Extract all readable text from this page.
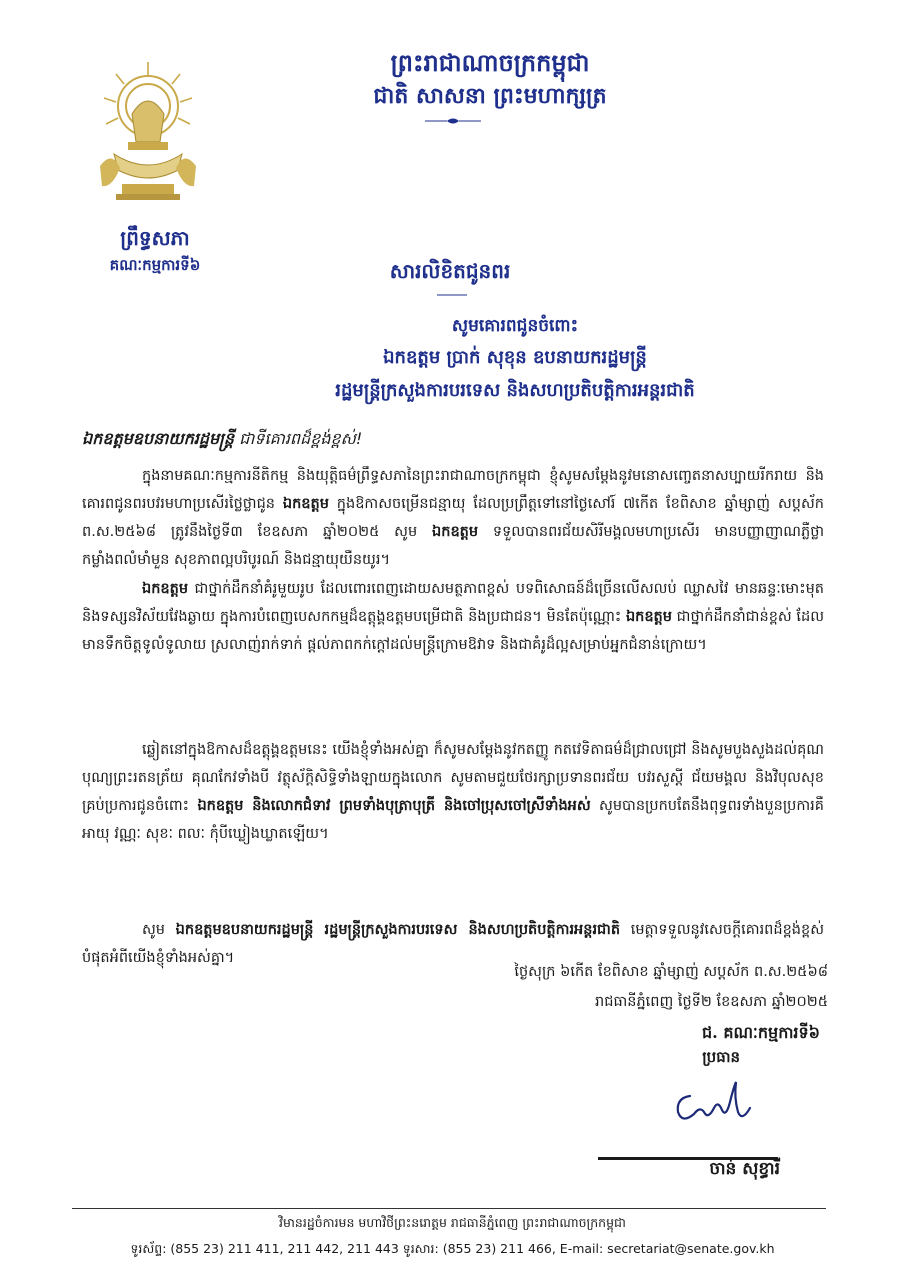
ព្រះរាជាណាចក្រកម្ពុជា
ជាតិ សាសនា ព្រះមហាក្សត្រ
ព្រឹទ្ធសភា
គណៈកម្មការទី៦	សារលិខិតជូនពរ
សូមគោរពជូនចំពោះ
ឯកឧត្តម ប្រាក់ សុខុន ឧបនាយករដ្ឋមន្ត្រី
រដ្ឋមន្ត្រីក្រសួងការបរទេស និងសហប្រតិបត្តិការអន្តរជាតិ
ឯកឧត្តមឧបនាយករដ្ឋមន្ត្រី ជាទីគោរពដ៏ខ្ពង់ខ្ពស់!
ក្នុងនាមគណៈកម្មការនីតិកម្ម និងយុត្តិធម៌ព្រឹទ្ធសភានៃព្រះរាជាណាចក្រកម្ពុជា ខ្ញុំសូមសម្តែងនូវមនោសញ្ចេតនាសប្បាយរីករាយ និងគោរពជូនពរបវរមហាប្រសើរថ្លៃថ្លាជូន ឯកឧត្តម ក្នុងឱកាសចម្រើនជន្មាយុ ដែលប្រព្រឹត្តទៅនៅថ្ងៃសៅរ៍ ៧កើត ខែពិសាខ ឆ្នាំម្សាញ់ សប្តស័ក ព.ស.២៥៦៨ ត្រូវនឹងថ្ងៃទី៣ ខែឧសភា ឆ្នាំ២០២៥ សូម ឯកឧត្តម ទទួលបានពរជ័យសិរីមង្គលមហាប្រសើរ មានបញ្ញាញាណភ្លឺថ្លា កម្លាំងពលំមាំមួន សុខភាពល្អបរិបូរណ៍ និងជន្មាយុយឺនយូរ។
ឯកឧត្តម ជាថ្នាក់ដឹកនាំគំរូមួយរូប ដែលពោរពេញដោយសមត្ថភាពខ្ពស់ បទពិសោធន៍ដ៏ច្រើនលើសលប់ ឈ្លាសវៃ មានឆន្ទៈមោះមុត និងទស្សនវិស័យវែងឆ្ងាយ ក្នុងការបំពេញបេសកកម្មដ៏ឧត្តុង្គឧត្តមបម្រើជាតិ និងប្រជាជន។ មិនតែប៉ុណ្ណោះ ឯកឧត្តម ជាថ្នាក់ដឹកនាំជាន់ខ្ពស់ ដែលមានទឹកចិត្តទូលំទូលាយ ស្រលាញ់រាក់ទាក់ ផ្តល់ភាពកក់ក្តៅដល់មន្ត្រីក្រោមឱវាទ និងជាគំរូដ៏ល្អសម្រាប់អ្នកជំនាន់ក្រោយ។
ឆ្លៀតនៅក្នុងឱកាសដ៏ឧត្តុង្គឧត្តមនេះ យើងខ្ញុំទាំងអស់គ្នា ក៏សូមសម្តែងនូវកតញ្ញូ កតវេទិតាធម៌ដ៏ជ្រាលជ្រៅ និងសូមបួងសួងដល់គុណបុណ្យព្រះរតនត្រ័យ គុណកែវទាំងបី វត្ថុស័ក្តិសិទ្ធិទាំងឡាយក្នុងលោក សូមតាមជួយថែរក្សាប្រទានពរជ័យ បវរសួស្តី ជ័យមង្គល និងវិបុលសុខ គ្រប់ប្រការជូនចំពោះ ឯកឧត្តម និងលោកជំទាវ ព្រមទាំងបុត្រាបុត្រី និងចៅប្រុសចៅស្រីទាំងអស់ សូមបានប្រកបតែនឹងពុទ្ធពរទាំងបួនប្រការគឺ អាយុ វណ្ណៈ សុខៈ ពលៈ កុំបីឃ្លៀងឃ្លាតឡើយ។
សូម ឯកឧត្តមឧបនាយករដ្ឋមន្ត្រី រដ្ឋមន្ត្រីក្រសួងការបរទេស និងសហប្រតិបត្តិការអន្តរជាតិ មេត្តាទទួលនូវសេចក្តីគោរពដ៏ខ្ពង់ខ្ពស់បំផុតអំពីយើងខ្ញុំទាំងអស់គ្នា។
ថ្ងៃសុក្រ ៦កើត ខែពិសាខ ឆ្នាំម្សាញ់ សប្តស័ក ព.ស.២៥៦៨
រាជធានីភ្នំពេញ ថ្ងៃទី២ ខែឧសភា ឆ្នាំ២០២៥
ជ. គណៈកម្មការទី៦
ប្រធាន
ចាន់ សុខ្ធារី
វិមានរដ្ឋចំការមន មហាវិថីព្រះនរោត្តម រាជធានីភ្នំពេញ ព្រះរាជាណាចក្រកម្ពុជា
ទូរស័ព្ទ: (855 23) 211 411, 211 442, 211 443 ទូរសារ: (855 23) 211 466, E-mail: secretariat@senate.gov.kh
